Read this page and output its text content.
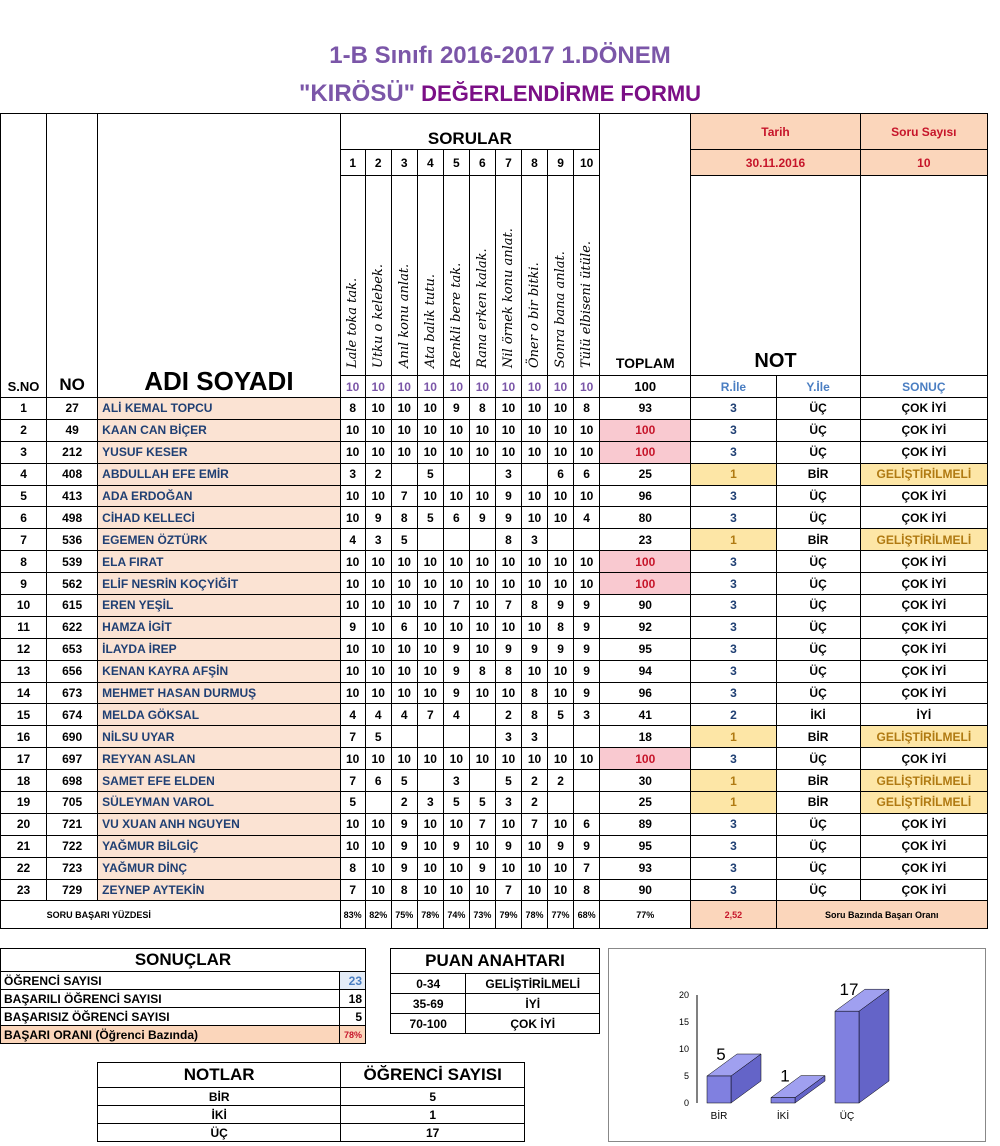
1-B Sınıfı 2016-2017 1.DÖNEM
"KIRÖSÜ" DEĞERLENDİRME FORMU
S.NO	NO	ADI SOYADI	SORULAR										TOPLAM	Tarih		Soru Sayısı
			1	2	3	4	5	6	7	8	9	10		30.11.2016		10
			Lale toka tak.	Utku o kelebek.	Anıl konu anlat.	Ata balık tutu.	Renkli bere tak.	Rana erken kalak.	Nil örnek konu anlat.	Öner o bir bitki.	Sonra bana anlat.	Tülü elbiseni ütüle.		NOT		
			10	10	10	10	10	10	10	10	10	10	100	R.İle	Y.İle	SONUÇ
1	27	ALİ KEMAL TOPCU	8	10	10	10	9	8	10	10	10	8	93	3	ÜÇ	ÇOK İYİ
2	49	KAAN CAN BİÇER	10	10	10	10	10	10	10	10	10	10	100	3	ÜÇ	ÇOK İYİ
3	212	YUSUF KESER	10	10	10	10	10	10	10	10	10	10	100	3	ÜÇ	ÇOK İYİ
4	408	ABDULLAH EFE EMİR	3	2		5			3		6	6	25	1	BİR	GELİŞTİRİLMELİ
5	413	ADA ERDOĞAN	10	10	7	10	10	10	9	10	10	10	96	3	ÜÇ	ÇOK İYİ
6	498	CİHAD KELLECİ	10	9	8	5	6	9	9	10	10	4	80	3	ÜÇ	ÇOK İYİ
7	536	EGEMEN ÖZTÜRK	4	3	5				8	3			23	1	BİR	GELİŞTİRİLMELİ
8	539	ELA FIRAT	10	10	10	10	10	10	10	10	10	10	100	3	ÜÇ	ÇOK İYİ
9	562	ELİF NESRİN KOÇYİĞİT	10	10	10	10	10	10	10	10	10	10	100	3	ÜÇ	ÇOK İYİ
10	615	EREN YEŞİL	10	10	10	10	7	10	7	8	9	9	90	3	ÜÇ	ÇOK İYİ
11	622	HAMZA İGİT	9	10	6	10	10	10	10	10	8	9	92	3	ÜÇ	ÇOK İYİ
12	653	İLAYDA İREP	10	10	10	10	9	10	9	9	9	9	95	3	ÜÇ	ÇOK İYİ
13	656	KENAN KAYRA AFŞİN	10	10	10	10	9	8	8	10	10	9	94	3	ÜÇ	ÇOK İYİ
14	673	MEHMET HASAN DURMUŞ	10	10	10	10	9	10	10	8	10	9	96	3	ÜÇ	ÇOK İYİ
15	674	MELDA GÖKSAL	4	4	4	7	4		2	8	5	3	41	2	İKİ	İYİ
16	690	NİLSU UYAR	7	5					3	3			18	1	BİR	GELİŞTİRİLMELİ
17	697	REYYAN ASLAN	10	10	10	10	10	10	10	10	10	10	100	3	ÜÇ	ÇOK İYİ
18	698	SAMET EFE ELDEN	7	6	5		3		5	2	2		30	1	BİR	GELİŞTİRİLMELİ
19	705	SÜLEYMAN VAROL	5		2	3	5	5	3	2			25	1	BİR	GELİŞTİRİLMELİ
20	721	VU XUAN ANH NGUYEN	10	10	9	10	10	7	10	7	10	6	89	3	ÜÇ	ÇOK İYİ
21	722	YAĞMUR BİLGİÇ	10	10	9	10	9	10	9	10	9	9	95	3	ÜÇ	ÇOK İYİ
22	723	YAĞMUR DİNÇ	8	10	9	10	10	9	10	10	10	7	93	3	ÜÇ	ÇOK İYİ
23	729	ZEYNEP AYTEKİN	7	10	8	10	10	10	7	10	10	8	90	3	ÜÇ	ÇOK İYİ
	SORU BAŞARI YÜZDESİ		83%	82%	75%	78%	74%	73%	79%	78%	77%	68%	77%	2,52	Soru Bazında Başarı Oranı	
SONUÇLAR	
ÖĞRENCİ SAYISI	23
BAŞARILI ÖĞRENCİ SAYISI	18
BAŞARISIZ ÖĞRENCİ SAYISI	5
BAŞARI ORANI (Öğrenci Bazında)	78%
PUAN ANAHTARI	
0-34	GELİŞTİRİLMELİ
35-69	İYİ
70-100	ÇOK İYİ
NOTLAR	ÖĞRENCİ SAYISI
BİR	5
İKİ	1
ÜÇ	17
0
5
10
15
20
5
BİR
1
İKİ
17
ÜÇ
